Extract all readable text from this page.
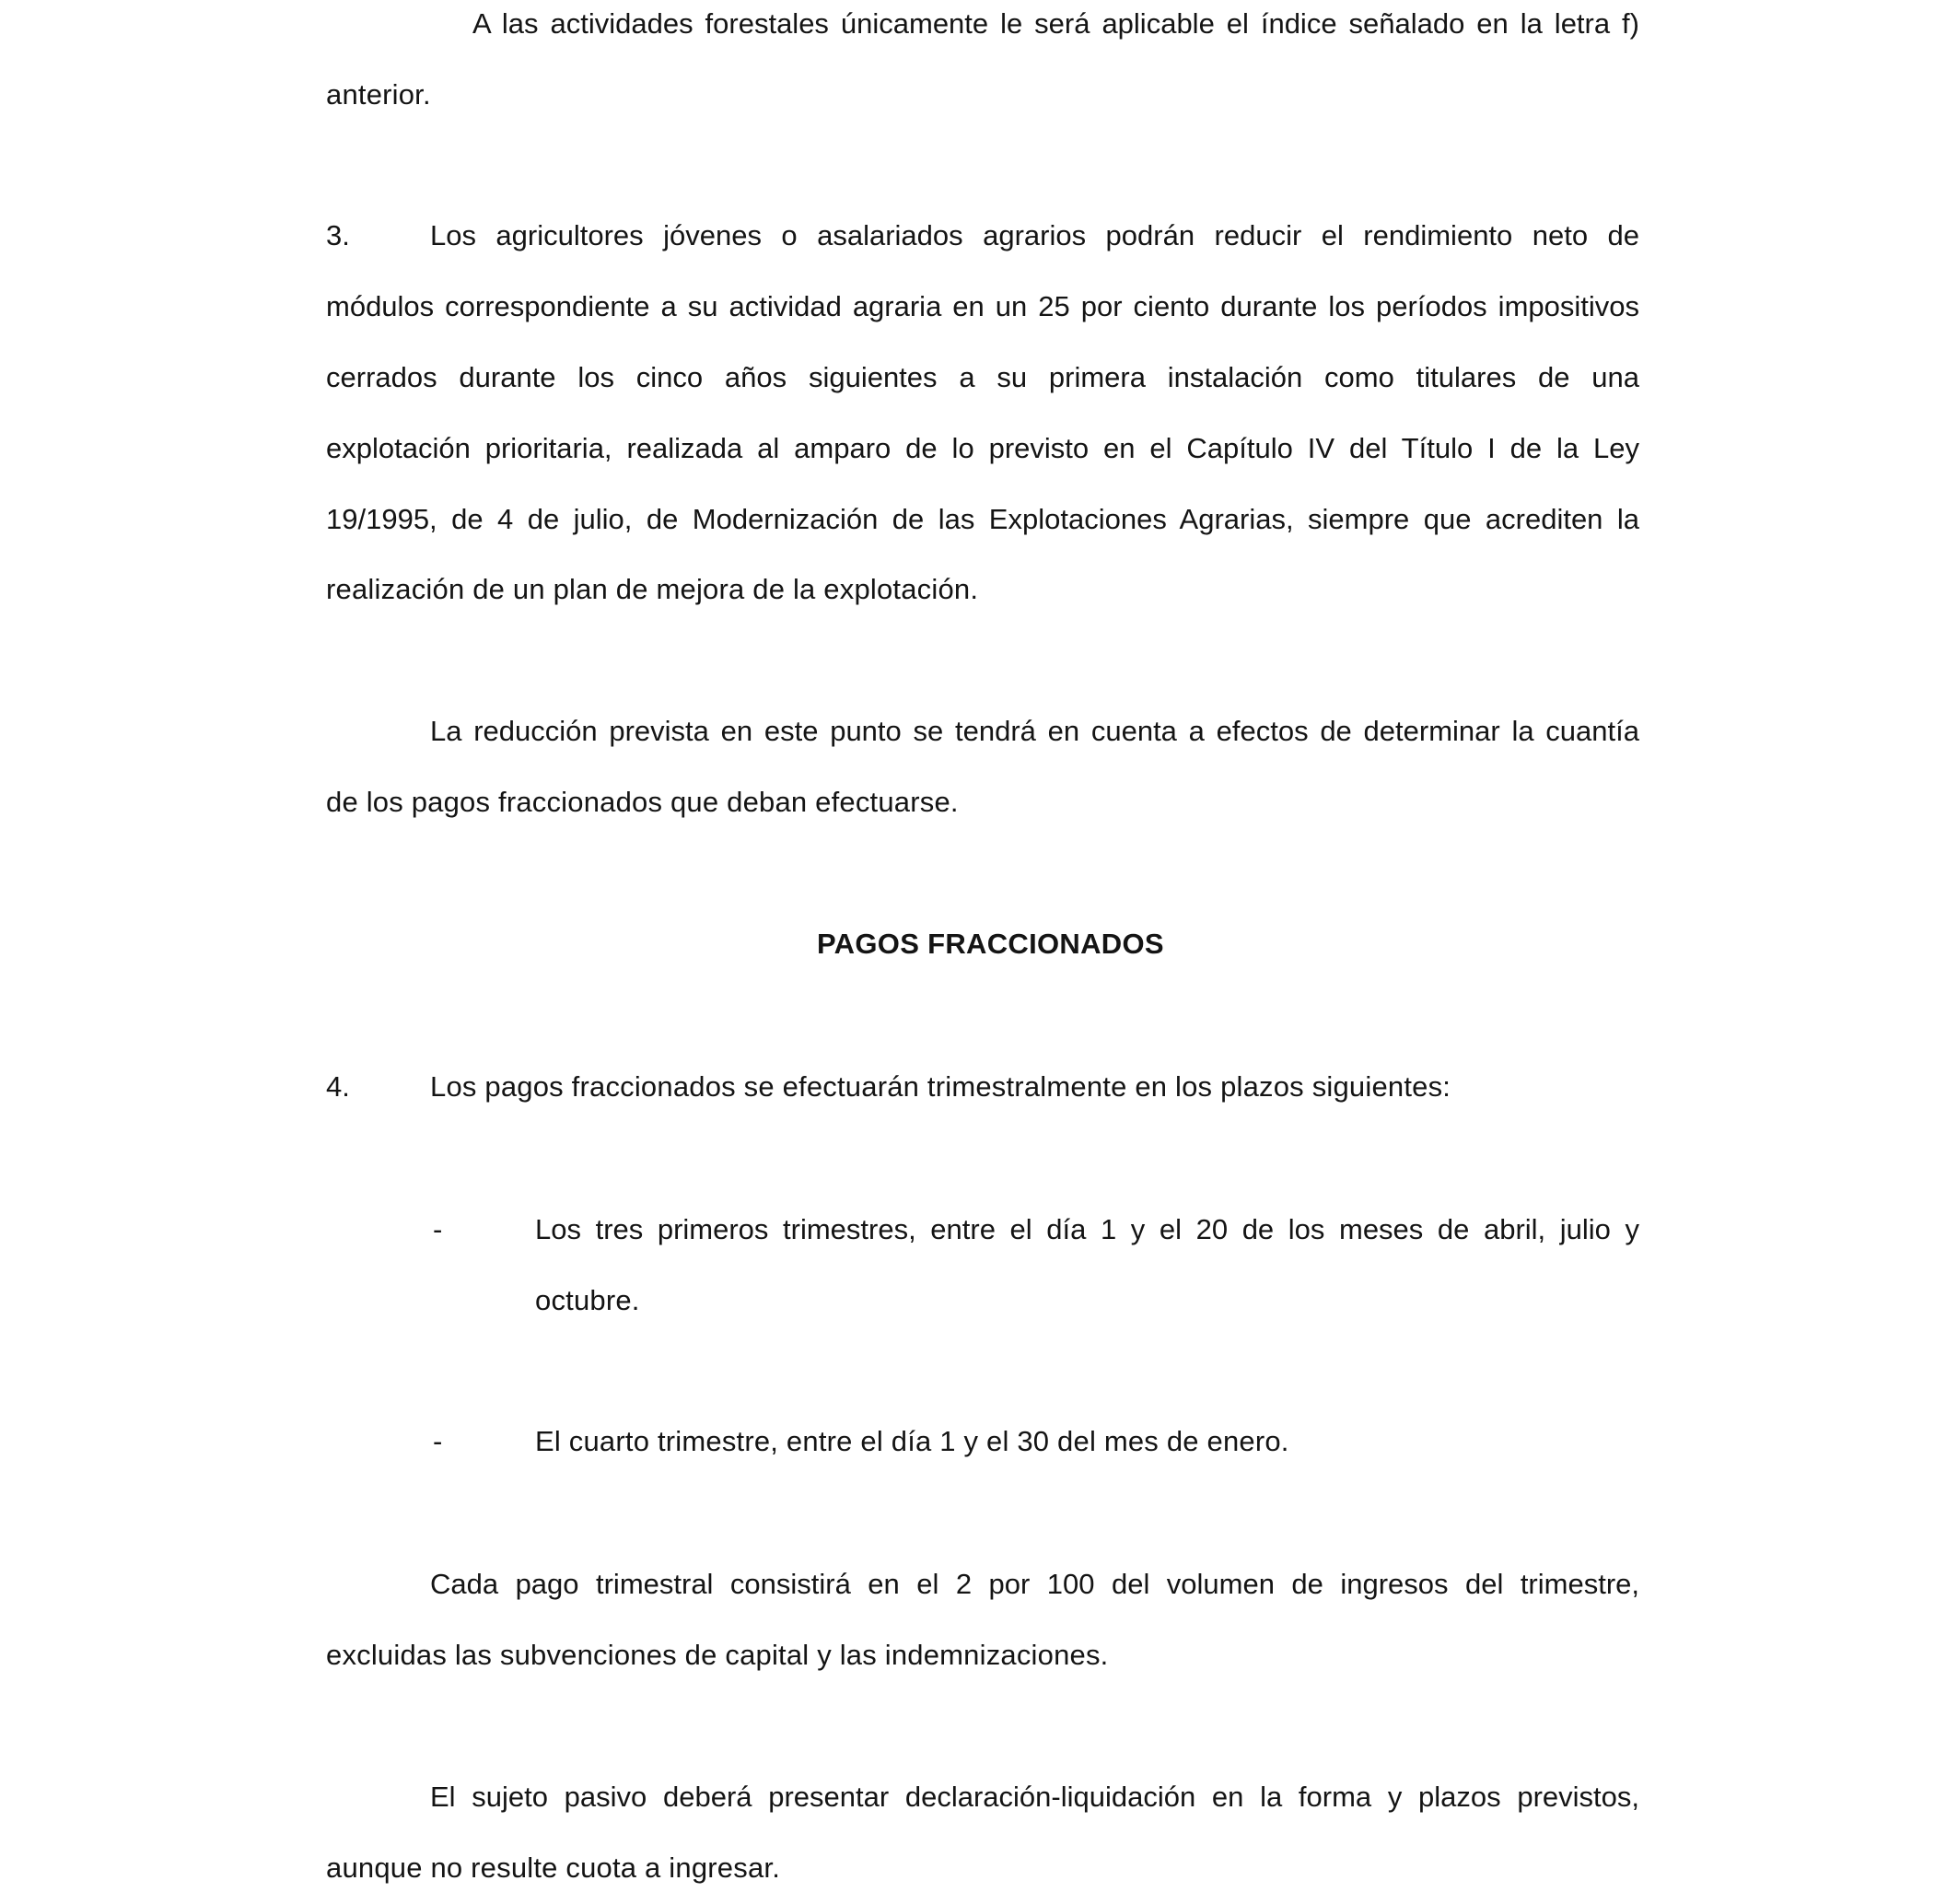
A las actividades forestales únicamente le será aplicable el índice señalado en la letra f)
anterior.
3.	Los agricultores jóvenes o asalariados agrarios podrán reducir el rendimiento neto de
módulos correspondiente a su actividad agraria en un 25 por ciento durante los períodos impositivos
cerrados durante los cinco años siguientes a su primera instalación como titulares de una
explotación prioritaria, realizada al amparo de lo previsto en el Capítulo IV del Título I de la Ley
19/1995, de 4 de julio, de Modernización de las Explotaciones Agrarias, siempre que acrediten la
realización de un plan de mejora de la explotación.
La reducción prevista en este punto se tendrá en cuenta a efectos de determinar la cuantía
de los pagos fraccionados que deban efectuarse.
PAGOS FRACCIONADOS
4.	Los pagos fraccionados se efectuarán trimestralmente en los plazos siguientes:
-	Los tres primeros trimestres, entre el día 1 y el 20 de los meses de abril, julio y
octubre.
-	El cuarto trimestre, entre el día 1 y el 30 del mes de enero.
Cada pago trimestral consistirá en el 2 por 100 del volumen de ingresos del trimestre,
excluidas las subvenciones de capital y las indemnizaciones.
El sujeto pasivo deberá presentar declaración-liquidación en la forma y plazos previstos,
aunque no resulte cuota a ingresar.
